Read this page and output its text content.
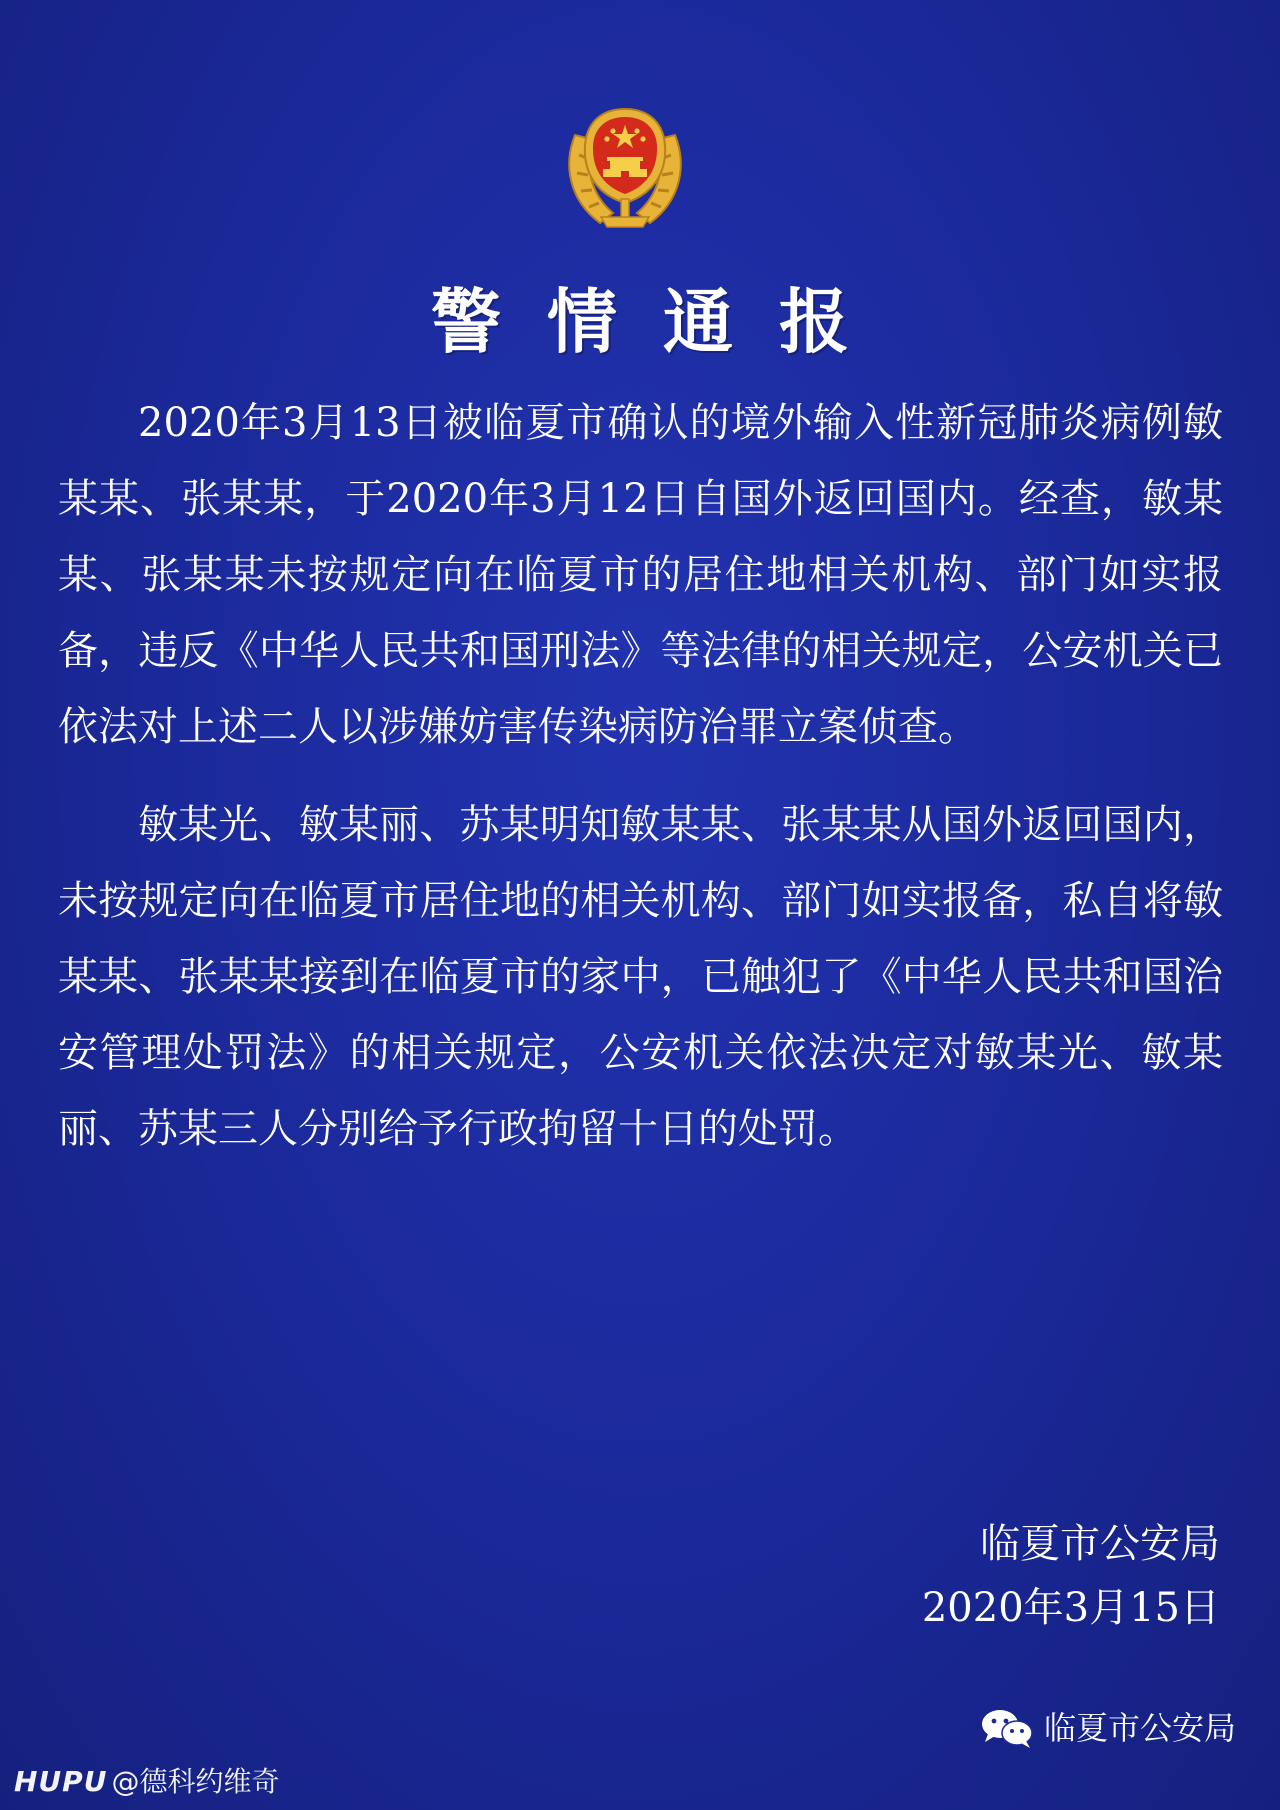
警情通报

2020年3月13日被临夏市确认的境外输入性新冠肺炎病例敏某某、张某某，于2020年3月12日自国外返回国内。经查，敏某某、张某某未按规定向在临夏市的居住地相关机构、部门如实报备，违反《中华人民共和国刑法》等法律的相关规定，公安机关已依法对上述二人以涉嫌妨害传染病防治罪立案侦查。

敏某光、敏某丽、苏某明知敏某某、张某某从国外返回国内，未按规定向在临夏市居住地的相关机构、部门如实报备，私自将敏某某、张某某接到在临夏市的家中，已触犯了《中华人民共和国治安管理处罚法》的相关规定，公安机关依法决定对敏某光、敏某丽、苏某三人分别给予行政拘留十日的处罚。

临夏市公安局
2020年3月15日
临夏市公安局
HUPU @德科约维奇
